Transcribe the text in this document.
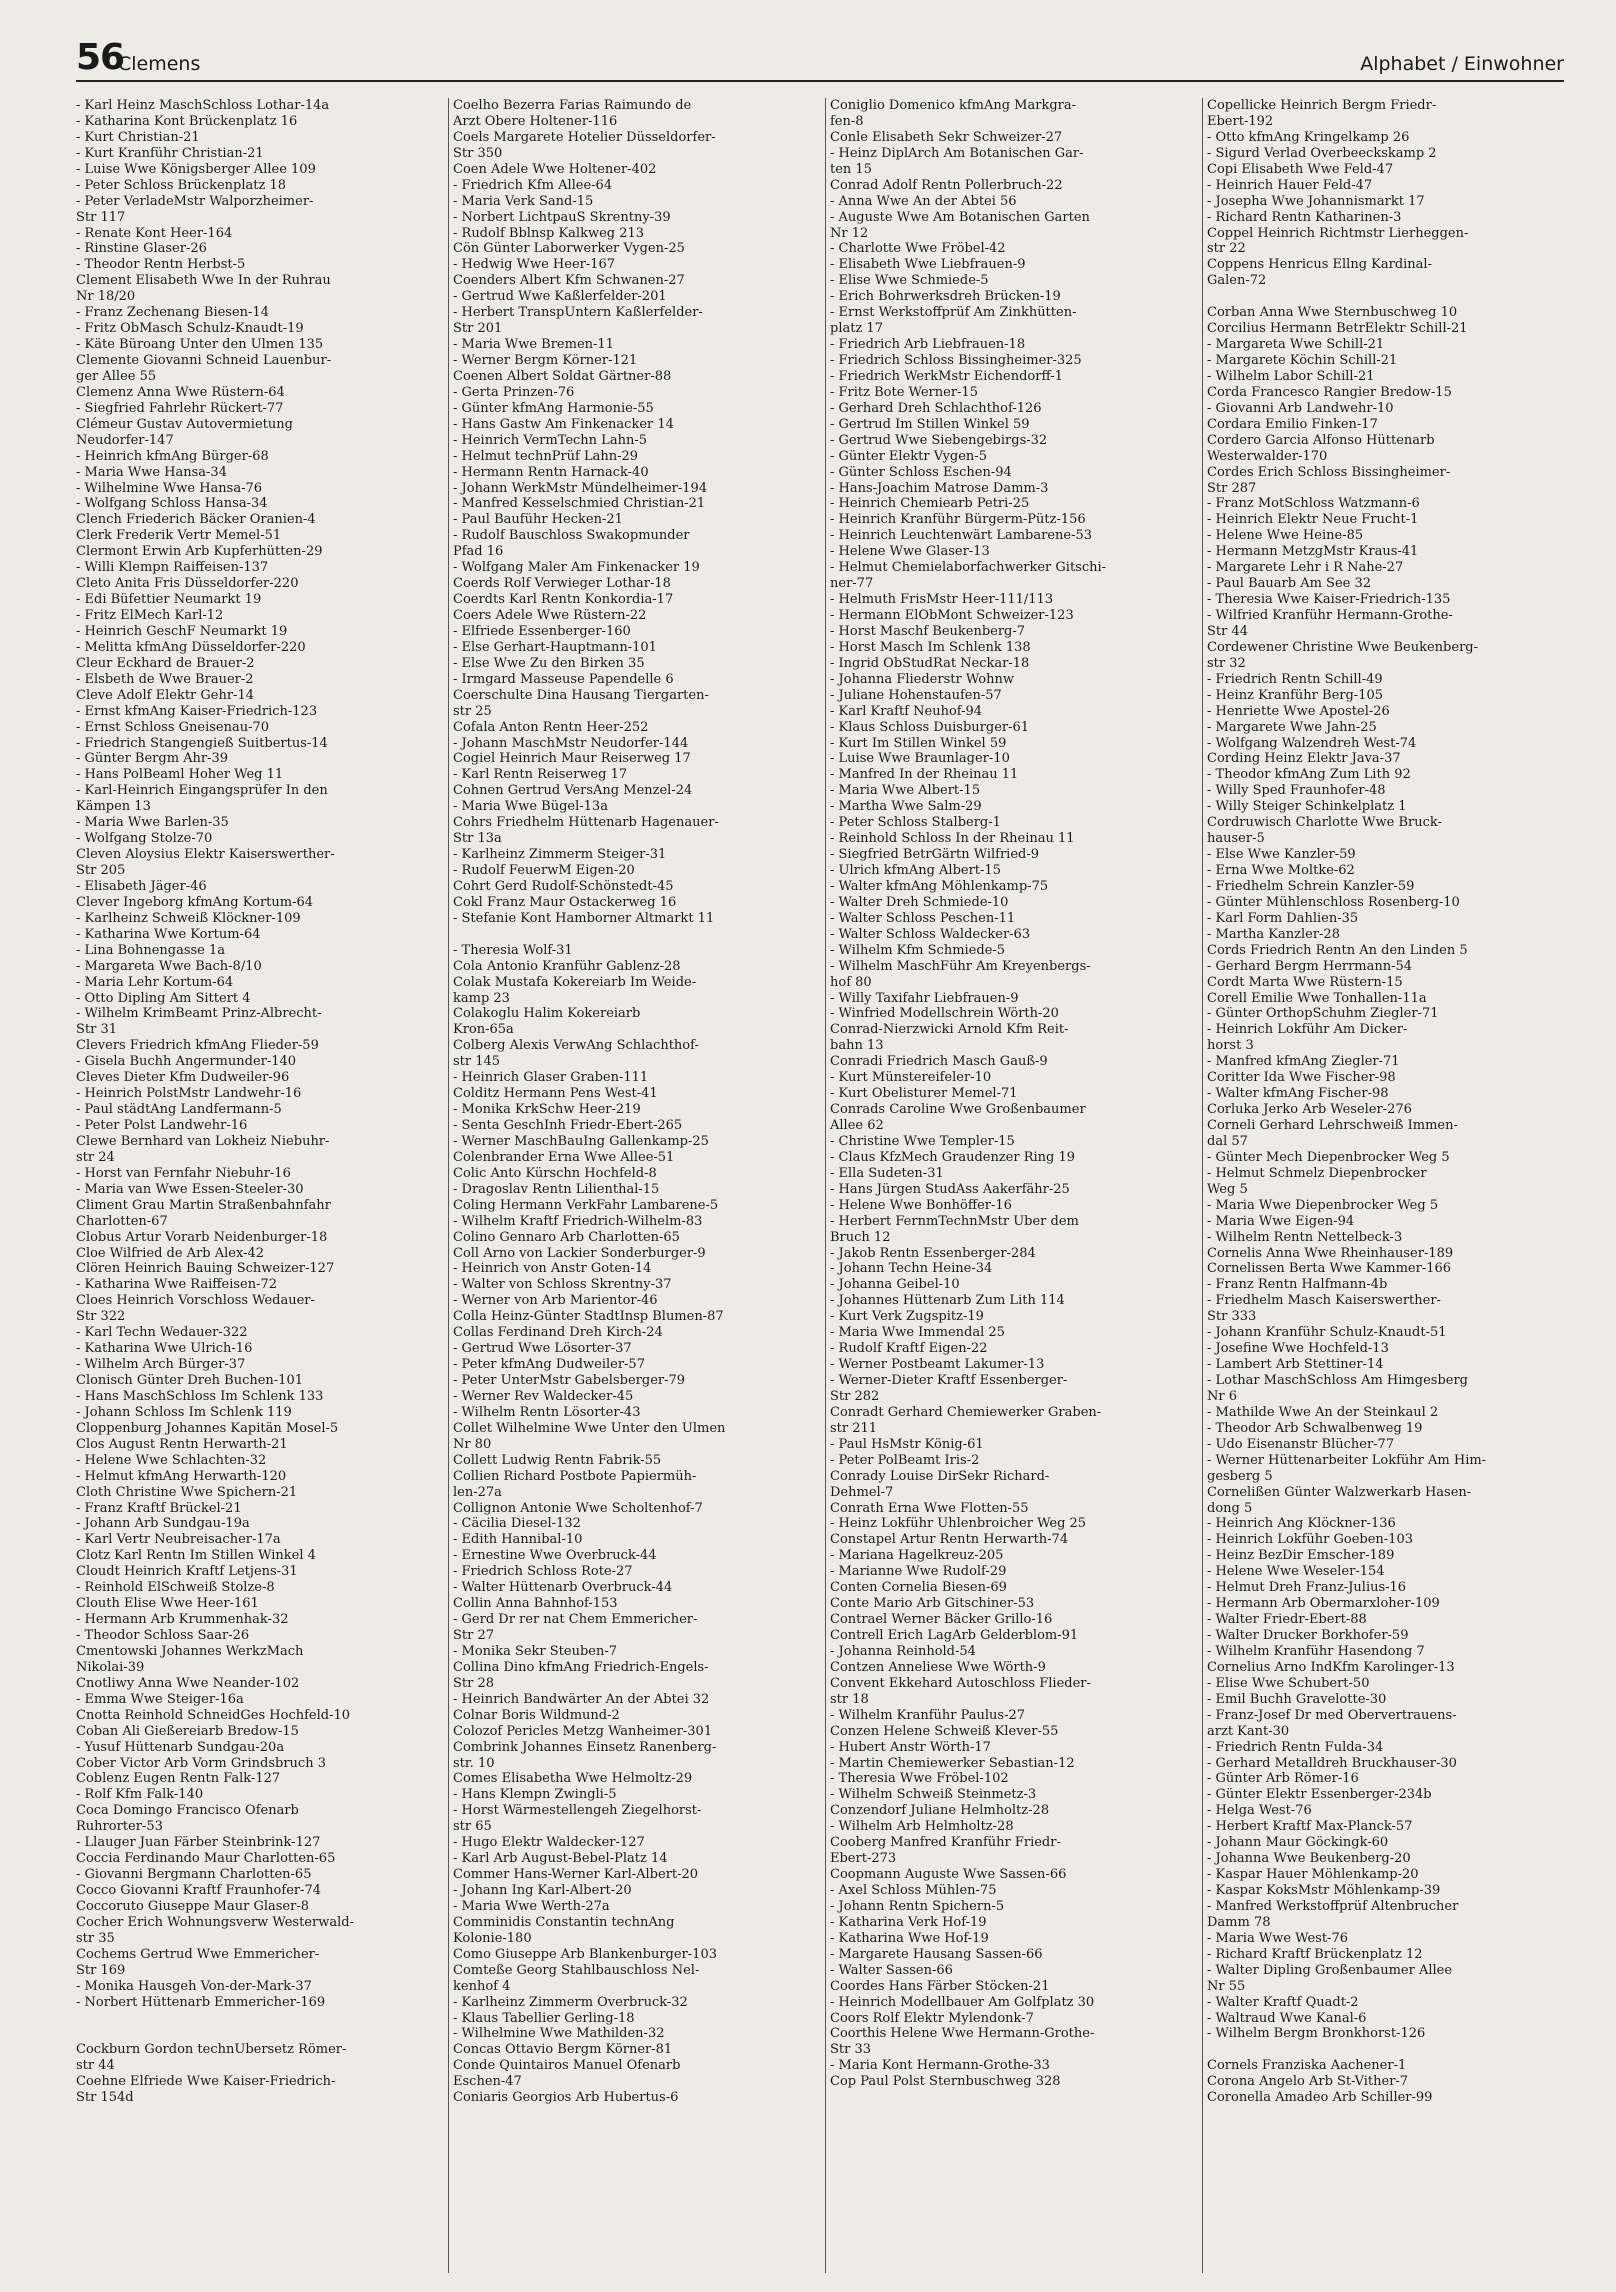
56
Clemens	Alphabet / Einwohner
- Karl Heinz MaschSchloss Lothar-14a
- Katharina Kont Brückenplatz 16
- Kurt Christian-21
- Kurt Kranführ Christian-21
- Luise Wwe Königsberger Allee 109
- Peter Schloss Brückenplatz 18
- Peter VerladeMstr Walporzheimer-
Str 117
- Renate Kont Heer-164
- Rinstine Glaser-26
- Theodor Rentn Herbst-5
Clement Elisabeth Wwe In der Ruhrau
Nr 18/20
- Franz Zechenang Biesen-14
- Fritz ObMasch Schulz-Knaudt-19
- Käte Büroang Unter den Ulmen 135
Clemente Giovanni Schneid Lauenbur-
ger Allee 55
Clemenz Anna Wwe Rüstern-64
- Siegfried Fahrlehr Rückert-77
Clémeur Gustav Autovermietung
Neudorfer-147
- Heinrich kfmAng Bürger-68
- Maria Wwe Hansa-34
- Wilhelmine Wwe Hansa-76
- Wolfgang Schloss Hansa-34
Clench Friederich Bäcker Oranien-4
Clerk Frederik Vertr Memel-51
Clermont Erwin Arb Kupferhütten-29
- Willi Klempn Raiffeisen-137
Cleto Anita Fris Düsseldorfer-220
- Edi Büfettier Neumarkt 19
- Fritz ElMech Karl-12
- Heinrich GeschF Neumarkt 19
- Melitta kfmAng Düsseldorfer-220
Cleur Eckhard de Brauer-2
- Elsbeth de Wwe Brauer-2
Cleve Adolf Elektr Gehr-14
- Ernst kfmAng Kaiser-Friedrich-123
- Ernst Schloss Gneisenau-70
- Friedrich Stangengieß Suitbertus-14
- Günter Bergm Ahr-39
- Hans PolBeaml Hoher Weg 11
- Karl-Heinrich Eingangsprüfer In den
Kämpen 13
- Maria Wwe Barlen-35
- Wolfgang Stolze-70
Cleven Aloysius Elektr Kaiserswerther-
Str 205
- Elisabeth Jäger-46
Clever Ingeborg kfmAng Kortum-64
- Karlheinz Schweiß Klöckner-109
- Katharina Wwe Kortum-64
- Lina Bohnengasse 1a
- Margareta Wwe Bach-8/10
- Maria Lehr Kortum-64
- Otto Dipling Am Sittert 4
- Wilhelm KrimBeamt Prinz-Albrecht-
Str 31
Clevers Friedrich kfmAng Flieder-59
- Gisela Buchh Angermunder-140
Cleves Dieter Kfm Dudweiler-96
- Heinrich PolstMstr Landwehr-16
- Paul städtAng Landfermann-5
- Peter Polst Landwehr-16
Clewe Bernhard van Lokheiz Niebuhr-
str 24
- Horst van Fernfahr Niebuhr-16
- Maria van Wwe Essen-Steeler-30
Climent Grau Martin Straßenbahnfahr
Charlotten-67
Clobus Artur Vorarb Neidenburger-18
Cloe Wilfried de Arb Alex-42
Clören Heinrich Bauing Schweizer-127
- Katharina Wwe Raiffeisen-72
Cloes Heinrich Vorschloss Wedauer-
Str 322
- Karl Techn Wedauer-322
- Katharina Wwe Ulrich-16
- Wilhelm Arch Bürger-37
Clonisch Günter Dreh Buchen-101
- Hans MaschSchloss Im Schlenk 133
- Johann Schloss Im Schlenk 119
Cloppenburg Johannes Kapitän Mosel-5
Clos August Rentn Herwarth-21
- Helene Wwe Schlachten-32
- Helmut kfmAng Herwarth-120
Cloth Christine Wwe Spichern-21
- Franz Kraftf Brückel-21
- Johann Arb Sundgau-19a
- Karl Vertr Neubreisacher-17a
Clotz Karl Rentn Im Stillen Winkel 4
Cloudt Heinrich Kraftf Letjens-31
- Reinhold ElSchweiß Stolze-8
Clouth Elise Wwe Heer-161
- Hermann Arb Krummenhak-32
- Theodor Schloss Saar-26
Cmentowski Johannes WerkzMach
Nikolai-39
Cnotliwy Anna Wwe Neander-102
- Emma Wwe Steiger-16a
Cnotta Reinhold SchneidGes Hochfeld-10
Coban Ali Gießereiarb Bredow-15
- Yusuf Hüttenarb Sundgau-20a
Cober Victor Arb Vorm Grindsbruch 3
Coblenz Eugen Rentn Falk-127
- Rolf Kfm Falk-140
Coca Domingo Francisco Ofenarb
Ruhrorter-53
- Llauger Juan Färber Steinbrink-127
Coccia Ferdinando Maur Charlotten-65
- Giovanni Bergmann Charlotten-65
Cocco Giovanni Kraftf Fraunhofer-74
Coccoruto Giuseppe Maur Glaser-8
Cocher Erich Wohnungsverw Westerwald-
str 35
Cochems Gertrud Wwe Emmericher-
Str 169
- Monika Hausgeh Von-der-Mark-37
- Norbert Hüttenarb Emmericher-169
Cockburn Gordon technÜbersetz Römer-
str 44
Coehne Elfriede Wwe Kaiser-Friedrich-
Str 154d
Coelho Bezerra Farias Raimundo de
Arzt Obere Holtener-116
Coels Margarete Hotelier Düsseldorfer-
Str 350
Coen Adele Wwe Holtener-402
- Friedrich Kfm Allee-64
- Maria Verk Sand-15
- Norbert LichtpauS Skrentny-39
- Rudolf Bblnsp Kalkweg 213
Cön Günter Laborwerker Vygen-25
- Hedwig Wwe Heer-167
Coenders Albert Kfm Schwanen-27
- Gertrud Wwe Kaßlerfelder-201
- Herbert TranspUntern Kaßlerfelder-
Str 201
- Maria Wwe Bremen-11
- Werner Bergm Körner-121
Coenen Albert Soldat Gärtner-88
- Gerta Prinzen-76
- Günter kfmAng Harmonie-55
- Hans Gastw Am Finkenacker 14
- Heinrich VermTechn Lahn-5
- Helmut technPrüf Lahn-29
- Hermann Rentn Harnack-40
- Johann WerkMstr Mündelheimer-194
- Manfred Kesselschmied Christian-21
- Paul Bauführ Hecken-21
- Rudolf Bauschloss Swakopmunder
Pfad 16
- Wolfgang Maler Am Finkenacker 19
Coerds Rolf Verwieger Lothar-18
Coerdts Karl Rentn Konkordia-17
Coers Adele Wwe Rüstern-22
- Elfriede Essenberger-160
- Else Gerhart-Hauptmann-101
- Else Wwe Zu den Birken 35
- Irmgard Masseuse Papendelle 6
Coerschulte Dina Hausang Tiergarten-
str 25
Cofala Anton Rentn Heer-252
- Johann MaschMstr Neudorfer-144
Cogiel Heinrich Maur Reiserweg 17
- Karl Rentn Reiserweg 17
Cohnen Gertrud VersAng Menzel-24
- Maria Wwe Bügel-13a
Cohrs Friedhelm Hüttenarb Hagenauer-
Str 13a
- Karlheinz Zimmerm Steiger-31
- Rudolf FeuerwM Eigen-20
Cohrt Gerd Rudolf-Schönstedt-45
Cokl Franz Maur Ostackerweg 16
- Stefanie Kont Hamborner Altmarkt 11
- Theresia Wolf-31
Cola Antonio Kranführ Gablenz-28
Colak Mustafa Kokereiarb Im Weide-
kamp 23
Colakoglu Halim Kokereiarb
Kron-65a
Colberg Alexis VerwAng Schlachthof-
str 145
- Heinrich Glaser Graben-111
Colditz Hermann Pens West-41
- Monika KrkSchw Heer-219
- Senta GeschInh Friedr-Ebert-265
- Werner MaschBauIng Gallenkamp-25
Colenbrander Erna Wwe Allee-51
Colic Anto Kürschn Hochfeld-8
- Dragoslav Rentn Lilienthal-15
Coling Hermann VerkFahr Lambarene-5
- Wilhelm Kraftf Friedrich-Wilhelm-83
Colino Gennaro Arb Charlotten-65
Coll Arno von Lackier Sonderburger-9
- Heinrich von Anstr Goten-14
- Walter von Schloss Skrentny-37
- Werner von Arb Marientor-46
Colla Heinz-Günter StadtInsp Blumen-87
Collas Ferdinand Dreh Kirch-24
- Gertrud Wwe Lösorter-37
- Peter kfmAng Dudweiler-57
- Peter UnterMstr Gabelsberger-79
- Werner Rev Waldecker-45
- Wilhelm Rentn Lösorter-43
Collet Wilhelmine Wwe Unter den Ulmen
Nr 80
Collett Ludwig Rentn Fabrik-55
Collien Richard Postbote Papiermüh-
len-27a
Collignon Antonie Wwe Scholtenhof-7
- Cäcilia Diesel-132
- Edith Hannibal-10
- Ernestine Wwe Overbruck-44
- Friedrich Schloss Rote-27
- Walter Hüttenarb Overbruck-44
Collin Anna Bahnhof-153
- Gerd Dr rer nat Chem Emmericher-
Str 27
- Monika Sekr Steuben-7
Collina Dino kfmAng Friedrich-Engels-
Str 28
- Heinrich Bandwärter An der Abtei 32
Colnar Boris Wildmund-2
Colozof Pericles Metzg Wanheimer-301
Combrink Johannes Einsetz Ranenberg-
str. 10
Comes Elisabetha Wwe Helmoltz-29
- Hans Klempn Zwingli-5
- Horst Wärmestellengeh Ziegelhorst-
str 65
- Hugo Elektr Waldecker-127
- Karl Arb August-Bebel-Platz 14
Commer Hans-Werner Karl-Albert-20
- Johann Ing Karl-Albert-20
- Maria Wwe Werth-27a
Comminidis Constantin technAng
Kolonie-180
Como Giuseppe Arb Blankenburger-103
Comteße Georg Stahlbauschloss Nel-
kenhof 4
- Karlheinz Zimmerm Overbruck-32
- Klaus Tabellier Gerling-18
- Wilhelmine Wwe Mathilden-32
Concas Ottavio Bergm Körner-81
Conde Quintairos Manuel Ofenarb
Eschen-47
Coniaris Georgios Arb Hubertus-6
Coniglio Domenico kfmAng Markgra-
fen-8
Conle Elisabeth Sekr Schweizer-27
- Heinz DiplArch Am Botanischen Gar-
ten 15
Conrad Adolf Rentn Pollerbruch-22
- Anna Wwe An der Abtei 56
- Auguste Wwe Am Botanischen Garten
Nr 12
- Charlotte Wwe Fröbel-42
- Elisabeth Wwe Liebfrauen-9
- Elise Wwe Schmiede-5
- Erich Bohrwerksdreh Brücken-19
- Ernst Werkstoffprüf Am Zinkhütten-
platz 17
- Friedrich Arb Liebfrauen-18
- Friedrich Schloss Bissingheimer-325
- Friedrich WerkMstr Eichendorff-1
- Fritz Bote Werner-15
- Gerhard Dreh Schlachthof-126
- Gertrud Im Stillen Winkel 59
- Gertrud Wwe Siebengebirgs-32
- Günter Elektr Vygen-5
- Günter Schloss Eschen-94
- Hans-Joachim Matrose Damm-3
- Heinrich Chemiearb Petri-25
- Heinrich Kranführ Bürgerm-Pütz-156
- Heinrich Leuchtenwärt Lambarene-53
- Helene Wwe Glaser-13
- Helmut Chemielaborfachwerker Gitschi-
ner-77
- Helmuth FrisMstr Heer-111/113
- Hermann ElObMont Schweizer-123
- Horst Maschf Beukenberg-7
- Horst Masch Im Schlenk 138
- Ingrid ObStudRat Neckar-18
- Johanna Fliederstr Wohnw
- Juliane Hohenstaufen-57
- Karl Kraftf Neuhof-94
- Klaus Schloss Duisburger-61
- Kurt Im Stillen Winkel 59
- Luise Wwe Braunlager-10
- Manfred In der Rheinau 11
- Maria Wwe Albert-15
- Martha Wwe Salm-29
- Peter Schloss Stalberg-1
- Reinhold Schloss In der Rheinau 11
- Siegfried BetrGärtn Wilfried-9
- Ulrich kfmAng Albert-15
- Walter kfmAng Möhlenkamp-75
- Walter Dreh Schmiede-10
- Walter Schloss Peschen-11
- Walter Schloss Waldecker-63
- Wilhelm Kfm Schmiede-5
- Wilhelm MaschFühr Am Kreyenbergs-
hof 80
- Willy Taxifahr Liebfrauen-9
- Winfried Modellschrein Wörth-20
Conrad-Nierzwicki Arnold Kfm Reit-
bahn 13
Conradi Friedrich Masch Gauß-9
- Kurt Münstereifeler-10
- Kurt Obelisturer Memel-71
Conrads Caroline Wwe Großenbaumer
Allee 62
- Christine Wwe Templer-15
- Claus KfzMech Graudenzer Ring 19
- Ella Sudeten-31
- Hans Jürgen StudAss Aakerfähr-25
- Helene Wwe Bonhöffer-16
- Herbert FernmTechnMstr Über dem
Bruch 12
- Jakob Rentn Essenberger-284
- Johann Techn Heine-34
- Johanna Geibel-10
- Johannes Hüttenarb Zum Lith 114
- Kurt Verk Zugspitz-19
- Maria Wwe Immendal 25
- Rudolf Kraftf Eigen-22
- Werner Postbeamt Lakumer-13
- Werner-Dieter Kraftf Essenberger-
Str 282
Conradt Gerhard Chemiewerker Graben-
str 211
- Paul HsMstr König-61
- Peter PolBeamt Iris-2
Conrady Louise DirSekr Richard-
Dehmel-7
Conrath Erna Wwe Flotten-55
- Heinz Lokführ Uhlenbroicher Weg 25
Constapel Artur Rentn Herwarth-74
- Mariana Hagelkreuz-205
- Marianne Wwe Rudolf-29
Conten Cornelia Biesen-69
Conte Mario Arb Gitschiner-53
Contrael Werner Bäcker Grillo-16
Contrell Erich LagArb Gelderblom-91
- Johanna Reinhold-54
Contzen Anneliese Wwe Wörth-9
Convent Ekkehard Autoschloss Flieder-
str 18
- Wilhelm Kranführ Paulus-27
Conzen Helene Schweiß Klever-55
- Hubert Anstr Wörth-17
- Martin Chemiewerker Sebastian-12
- Theresia Wwe Fröbel-102
- Wilhelm Schweiß Steinmetz-3
Conzendorf Juliane Helmholtz-28
- Wilhelm Arb Helmholtz-28
Cooberg Manfred Kranführ Friedr-
Ebert-273
Coopmann Auguste Wwe Sassen-66
- Axel Schloss Mühlen-75
- Johann Rentn Spichern-5
- Katharina Verk Hof-19
- Katharina Wwe Hof-19
- Margarete Hausang Sassen-66
- Walter Sassen-66
Coordes Hans Färber Stöcken-21
- Heinrich Modellbauer Am Golfplatz 30
Coors Rolf Elektr Mylendonk-7
Coorthis Helene Wwe Hermann-Grothe-
Str 33
- Maria Kont Hermann-Grothe-33
Cop Paul Polst Sternbuschweg 328
Copellicke Heinrich Bergm Friedr-
Ebert-192
- Otto kfmAng Kringelkamp 26
- Sigurd Verlad Overbeeckskamp 2
Copi Elisabeth Wwe Feld-47
- Heinrich Hauer Feld-47
- Josepha Wwe Johannismarkt 17
- Richard Rentn Katharinen-3
Coppel Heinrich Richtmstr Lierheggen-
str 22
Coppens Henricus Ellng Kardinal-
Galen-72
Corban Anna Wwe Sternbuschweg 10
Corcilius Hermann BetrElektr Schill-21
- Margareta Wwe Schill-21
- Margarete Köchin Schill-21
- Wilhelm Labor Schill-21
Corda Francesco Rangier Bredow-15
- Giovanni Arb Landwehr-10
Cordara Emilio Finken-17
Cordero Garcia Alfonso Hüttenarb
Westerwalder-170
Cordes Erich Schloss Bissingheimer-
Str 287
- Franz MotSchloss Watzmann-6
- Heinrich Elektr Neue Frucht-1
- Helene Wwe Heine-85
- Hermann MetzgMstr Kraus-41
- Margarete Lehr i R Nahe-27
- Paul Bauarb Am See 32
- Theresia Wwe Kaiser-Friedrich-135
- Wilfried Kranführ Hermann-Grothe-
Str 44
Cordewener Christine Wwe Beukenberg-
str 32
- Friedrich Rentn Schill-49
- Heinz Kranführ Berg-105
- Henriette Wwe Apostel-26
- Margarete Wwe Jahn-25
- Wolfgang Walzendreh West-74
Cording Heinz Elektr Java-37
- Theodor kfmAng Zum Lith 92
- Willy Sped Fraunhofer-48
- Willy Steiger Schinkelplatz 1
Cordruwisch Charlotte Wwe Bruck-
hauser-5
- Else Wwe Kanzler-59
- Erna Wwe Moltke-62
- Friedhelm Schrein Kanzler-59
- Günter Mühlenschloss Rosenberg-10
- Karl Form Dahlien-35
- Martha Kanzler-28
Cords Friedrich Rentn An den Linden 5
- Gerhard Bergm Herrmann-54
Cordt Marta Wwe Rüstern-15
Corell Emilie Wwe Tonhallen-11a
- Günter OrthopSchuhm Ziegler-71
- Heinrich Lokführ Am Dicker-
horst 3
- Manfred kfmAng Ziegler-71
Coritter Ida Wwe Fischer-98
- Walter kfmAng Fischer-98
Corluka Jerko Arb Weseler-276
Corneli Gerhard Lehrschweiß Immen-
dal 57
- Günter Mech Diepenbrocker Weg 5
- Helmut Schmelz Diepenbrocker
Weg 5
- Maria Wwe Diepenbrocker Weg 5
- Maria Wwe Eigen-94
- Wilhelm Rentn Nettelbeck-3
Cornelis Anna Wwe Rheinhauser-189
Cornelissen Berta Wwe Kammer-166
- Franz Rentn Halfmann-4b
- Friedhelm Masch Kaiserswerther-
Str 333
- Johann Kranführ Schulz-Knaudt-51
- Josefine Wwe Hochfeld-13
- Lambert Arb Stettiner-14
- Lothar MaschSchloss Am Himgesberg
Nr 6
- Mathilde Wwe An der Steinkaul 2
- Theodor Arb Schwalbenweg 19
- Udo Eisenanstr Blücher-77
- Werner Hüttenarbeiter Lokführ Am Him-
gesberg 5
Cornelißen Günter Walzwerkarb Hasen-
dong 5
- Heinrich Ang Klöckner-136
- Heinrich Lokführ Goeben-103
- Heinz BezDir Emscher-189
- Helene Wwe Weseler-154
- Helmut Dreh Franz-Julius-16
- Hermann Arb Obermarxloher-109
- Walter Friedr-Ebert-88
- Walter Drucker Borkhofer-59
- Wilhelm Kranführ Hasendong 7
Cornelius Arno IndKfm Karolinger-13
- Elise Wwe Schubert-50
- Emil Buchh Gravelotte-30
- Franz-Josef Dr med Obervertrauens-
arzt Kant-30
- Friedrich Rentn Fulda-34
- Gerhard Metalldreh Bruckhauser-30
- Günter Arb Römer-16
- Günter Elektr Essenberger-234b
- Helga West-76
- Herbert Kraftf Max-Planck-57
- Johann Maur Göckingk-60
- Johanna Wwe Beukenberg-20
- Kaspar Hauer Möhlenkamp-20
- Kaspar KoksMstr Möhlenkamp-39
- Manfred Werkstoffprüf Altenbrucher
Damm 78
- Maria Wwe West-76
- Richard Kraftf Brückenplatz 12
- Walter Dipling Großenbaumer Allee
Nr 55
- Walter Kraftf Quadt-2
- Waltraud Wwe Kanal-6
- Wilhelm Bergm Bronkhorst-126
Cornels Franziska Aachener-1
Corona Angelo Arb St-Vither-7
Coronella Amadeo Arb Schiller-99
